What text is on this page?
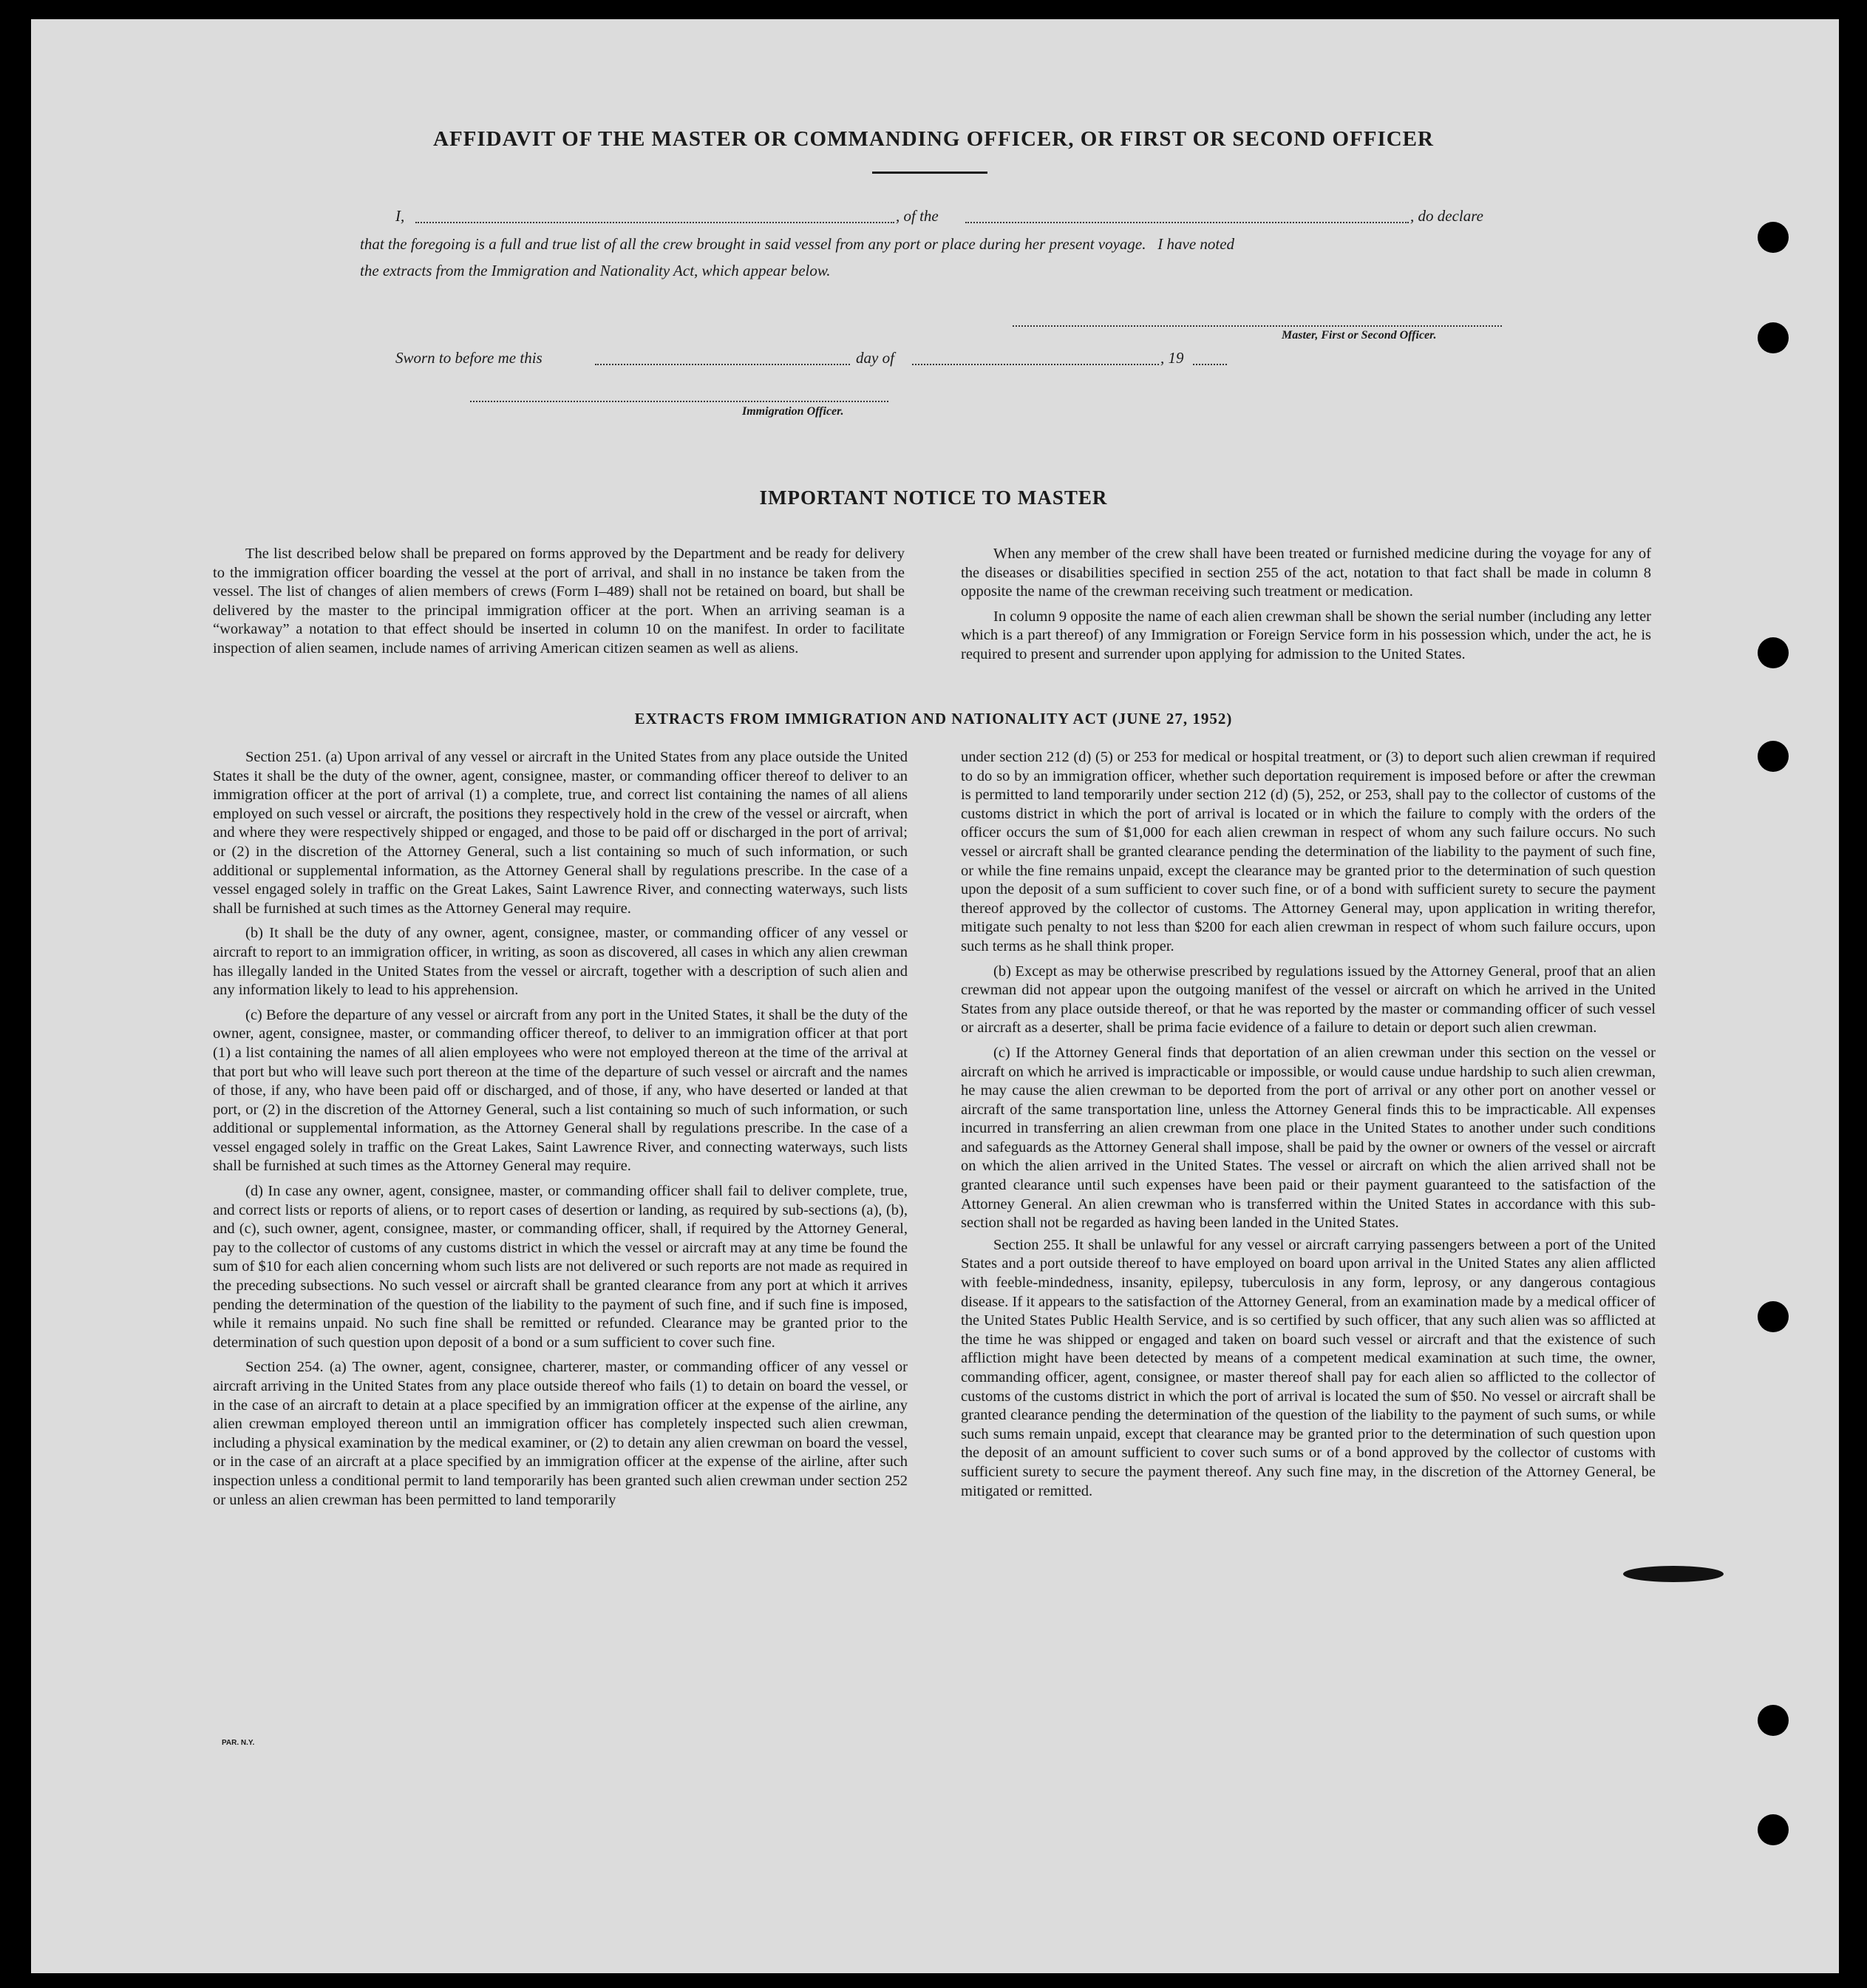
AFFIDAVIT OF THE MASTER OR COMMANDING OFFICER, OR FIRST OR SECOND OFFICER
I,	, of the	, do declare
that the foregoing is a full and true list of all the crew brought in said vessel from any port or place during her present voyage.   I have noted
the extracts from the Immigration and Nationality Act, which appear below.
Master, First or Second Officer.
Sworn to before me this	day of	, 19
Immigration Officer.
IMPORTANT NOTICE TO MASTER

The list described below shall be prepared on forms approved by the Department and be ready for delivery to the immigration officer boarding the vessel at the port of arrival, and shall in no instance be taken from the vessel. The list of changes of alien members of crews (Form I–489) shall not be retained on board, but shall be delivered by the master to the principal immigration officer at the port. When an arriving seaman is a “workaway” a notation to that effect should be inserted in column 10 on the manifest. In order to facilitate inspection of alien seamen, include names of arriving American citizen seamen as well as aliens.

When any member of the crew shall have been treated or furnished medicine during the voyage for any of the diseases or disabilities specified in section 255 of the act, notation to that fact shall be made in column 8 opposite the name of the crewman receiving such treatment or medication.

In column 9 opposite the name of each alien crewman shall be shown the serial number (including any letter which is a part thereof) of any Immigration or Foreign Service form in his possession which, under the act, he is required to present and surrender upon applying for admission to the United States.

EXTRACTS FROM IMMIGRATION AND NATIONALITY ACT (JUNE 27, 1952)

Section 251. (a) Upon arrival of any vessel or aircraft in the United States from any place outside the United States it shall be the duty of the owner, agent, consignee, master, or commanding officer thereof to deliver to an immigration officer at the port of arrival (1) a complete, true, and correct list containing the names of all aliens employed on such vessel or aircraft, the positions they respectively hold in the crew of the vessel or aircraft, when and where they were respectively shipped or engaged, and those to be paid off or discharged in the port of arrival; or (2) in the discretion of the Attorney General, such a list containing so much of such information, or such additional or supplemental information, as the Attorney General shall by regulations prescribe. In the case of a vessel engaged solely in traffic on the Great Lakes, Saint Lawrence River, and connecting waterways, such lists shall be furnished at such times as the Attorney General may require.

(b) It shall be the duty of any owner, agent, consignee, master, or commanding officer of any vessel or aircraft to report to an immigration officer, in writing, as soon as discovered, all cases in which any alien crewman has illegally landed in the United States from the vessel or aircraft, together with a description of such alien and any information likely to lead to his apprehension.

(c) Before the departure of any vessel or aircraft from any port in the United States, it shall be the duty of the owner, agent, consignee, master, or commanding officer thereof, to deliver to an immigration officer at that port (1) a list containing the names of all alien employees who were not employed thereon at the time of the arrival at that port but who will leave such port thereon at the time of the departure of such vessel or aircraft and the names of those, if any, who have been paid off or discharged, and of those, if any, who have deserted or landed at that port, or (2) in the discretion of the Attorney General, such a list containing so much of such information, or such additional or supplemental information, as the Attorney General shall by regulations prescribe. In the case of a vessel engaged solely in traffic on the Great Lakes, Saint Lawrence River, and connecting waterways, such lists shall be furnished at such times as the Attorney General may require.

(d) In case any owner, agent, consignee, master, or commanding officer shall fail to deliver complete, true, and correct lists or reports of aliens, or to report cases of desertion or landing, as required by sub-sections (a), (b), and (c), such owner, agent, consignee, master, or commanding officer, shall, if required by the Attorney General, pay to the collector of customs of any customs district in which the vessel or aircraft may at any time be found the sum of $10 for each alien concerning whom such lists are not delivered or such reports are not made as required in the preceding subsections. No such vessel or aircraft shall be granted clearance from any port at which it arrives pending the determination of the question of the liability to the payment of such fine, and if such fine is imposed, while it remains unpaid. No such fine shall be remitted or refunded. Clearance may be granted prior to the determination of such question upon deposit of a bond or a sum sufficient to cover such fine.

Section 254. (a) The owner, agent, consignee, charterer, master, or commanding officer of any vessel or aircraft arriving in the United States from any place outside thereof who fails (1) to detain on board the vessel, or in the case of an aircraft to detain at a place specified by an immigration officer at the expense of the airline, any alien crewman employed thereon until an immigration officer has completely inspected such alien crewman, including a physical examination by the medical examiner, or (2) to detain any alien crewman on board the vessel, or in the case of an aircraft at a place specified by an immigration officer at the expense of the airline, after such inspection unless a conditional permit to land temporarily has been granted such alien crewman under section 252 or unless an alien crewman has been permitted to land temporarily

under section 212 (d) (5) or 253 for medical or hospital treatment, or (3) to deport such alien crewman if required to do so by an immigration officer, whether such deportation requirement is imposed before or after the crewman is permitted to land temporarily under section 212 (d) (5), 252, or 253, shall pay to the collector of customs of the customs district in which the port of arrival is located or in which the failure to comply with the orders of the officer occurs the sum of $1,000 for each alien crewman in respect of whom any such failure occurs. No such vessel or aircraft shall be granted clearance pending the determination of the liability to the payment of such fine, or while the fine remains unpaid, except the clearance may be granted prior to the determination of such question upon the deposit of a sum sufficient to cover such fine, or of a bond with sufficient surety to secure the payment thereof approved by the collector of customs. The Attorney General may, upon application in writing therefor, mitigate such penalty to not less than $200 for each alien crewman in respect of whom such failure occurs, upon such terms as he shall think proper.

(b) Except as may be otherwise prescribed by regulations issued by the Attorney General, proof that an alien crewman did not appear upon the outgoing manifest of the vessel or aircraft on which he arrived in the United States from any place outside thereof, or that he was reported by the master or commanding officer of such vessel or aircraft as a deserter, shall be prima facie evidence of a failure to detain or deport such alien crewman.

(c) If the Attorney General finds that deportation of an alien crewman under this section on the vessel or aircraft on which he arrived is impracticable or impossible, or would cause undue hardship to such alien crewman, he may cause the alien crewman to be deported from the port of arrival or any other port on another vessel or aircraft of the same transportation line, unless the Attorney General finds this to be impracticable. All expenses incurred in transferring an alien crewman from one place in the United States to another under such conditions and safeguards as the Attorney General shall impose, shall be paid by the owner or owners of the vessel or aircraft on which the alien arrived in the United States. The vessel or aircraft on which the alien arrived shall not be granted clearance until such expenses have been paid or their payment guaranteed to the satisfaction of the Attorney General. An alien crewman who is transferred within the United States in accordance with this sub-section shall not be regarded as having been landed in the United States.

Section 255. It shall be unlawful for any vessel or aircraft carrying passengers between a port of the United States and a port outside thereof to have employed on board upon arrival in the United States any alien afflicted with feeble-mindedness, insanity, epilepsy, tuberculosis in any form, leprosy, or any dangerous contagious disease. If it appears to the satisfaction of the Attorney General, from an examination made by a medical officer of the United States Public Health Service, and is so certified by such officer, that any such alien was so afflicted at the time he was shipped or engaged and taken on board such vessel or aircraft and that the existence of such affliction might have been detected by means of a competent medical examination at such time, the owner, commanding officer, agent, consignee, or master thereof shall pay for each alien so afflicted to the collector of customs of the customs district in which the port of arrival is located the sum of $50. No vessel or aircraft shall be granted clearance pending the determination of the question of the liability to the payment of such sums, or while such sums remain unpaid, except that clearance may be granted prior to the determination of such question upon the deposit of an amount sufficient to cover such sums or of a bond approved by the collector of customs with sufficient surety to secure the payment thereof. Any such fine may, in the discretion of the Attorney General, be mitigated or remitted.

PAR. N.Y.
